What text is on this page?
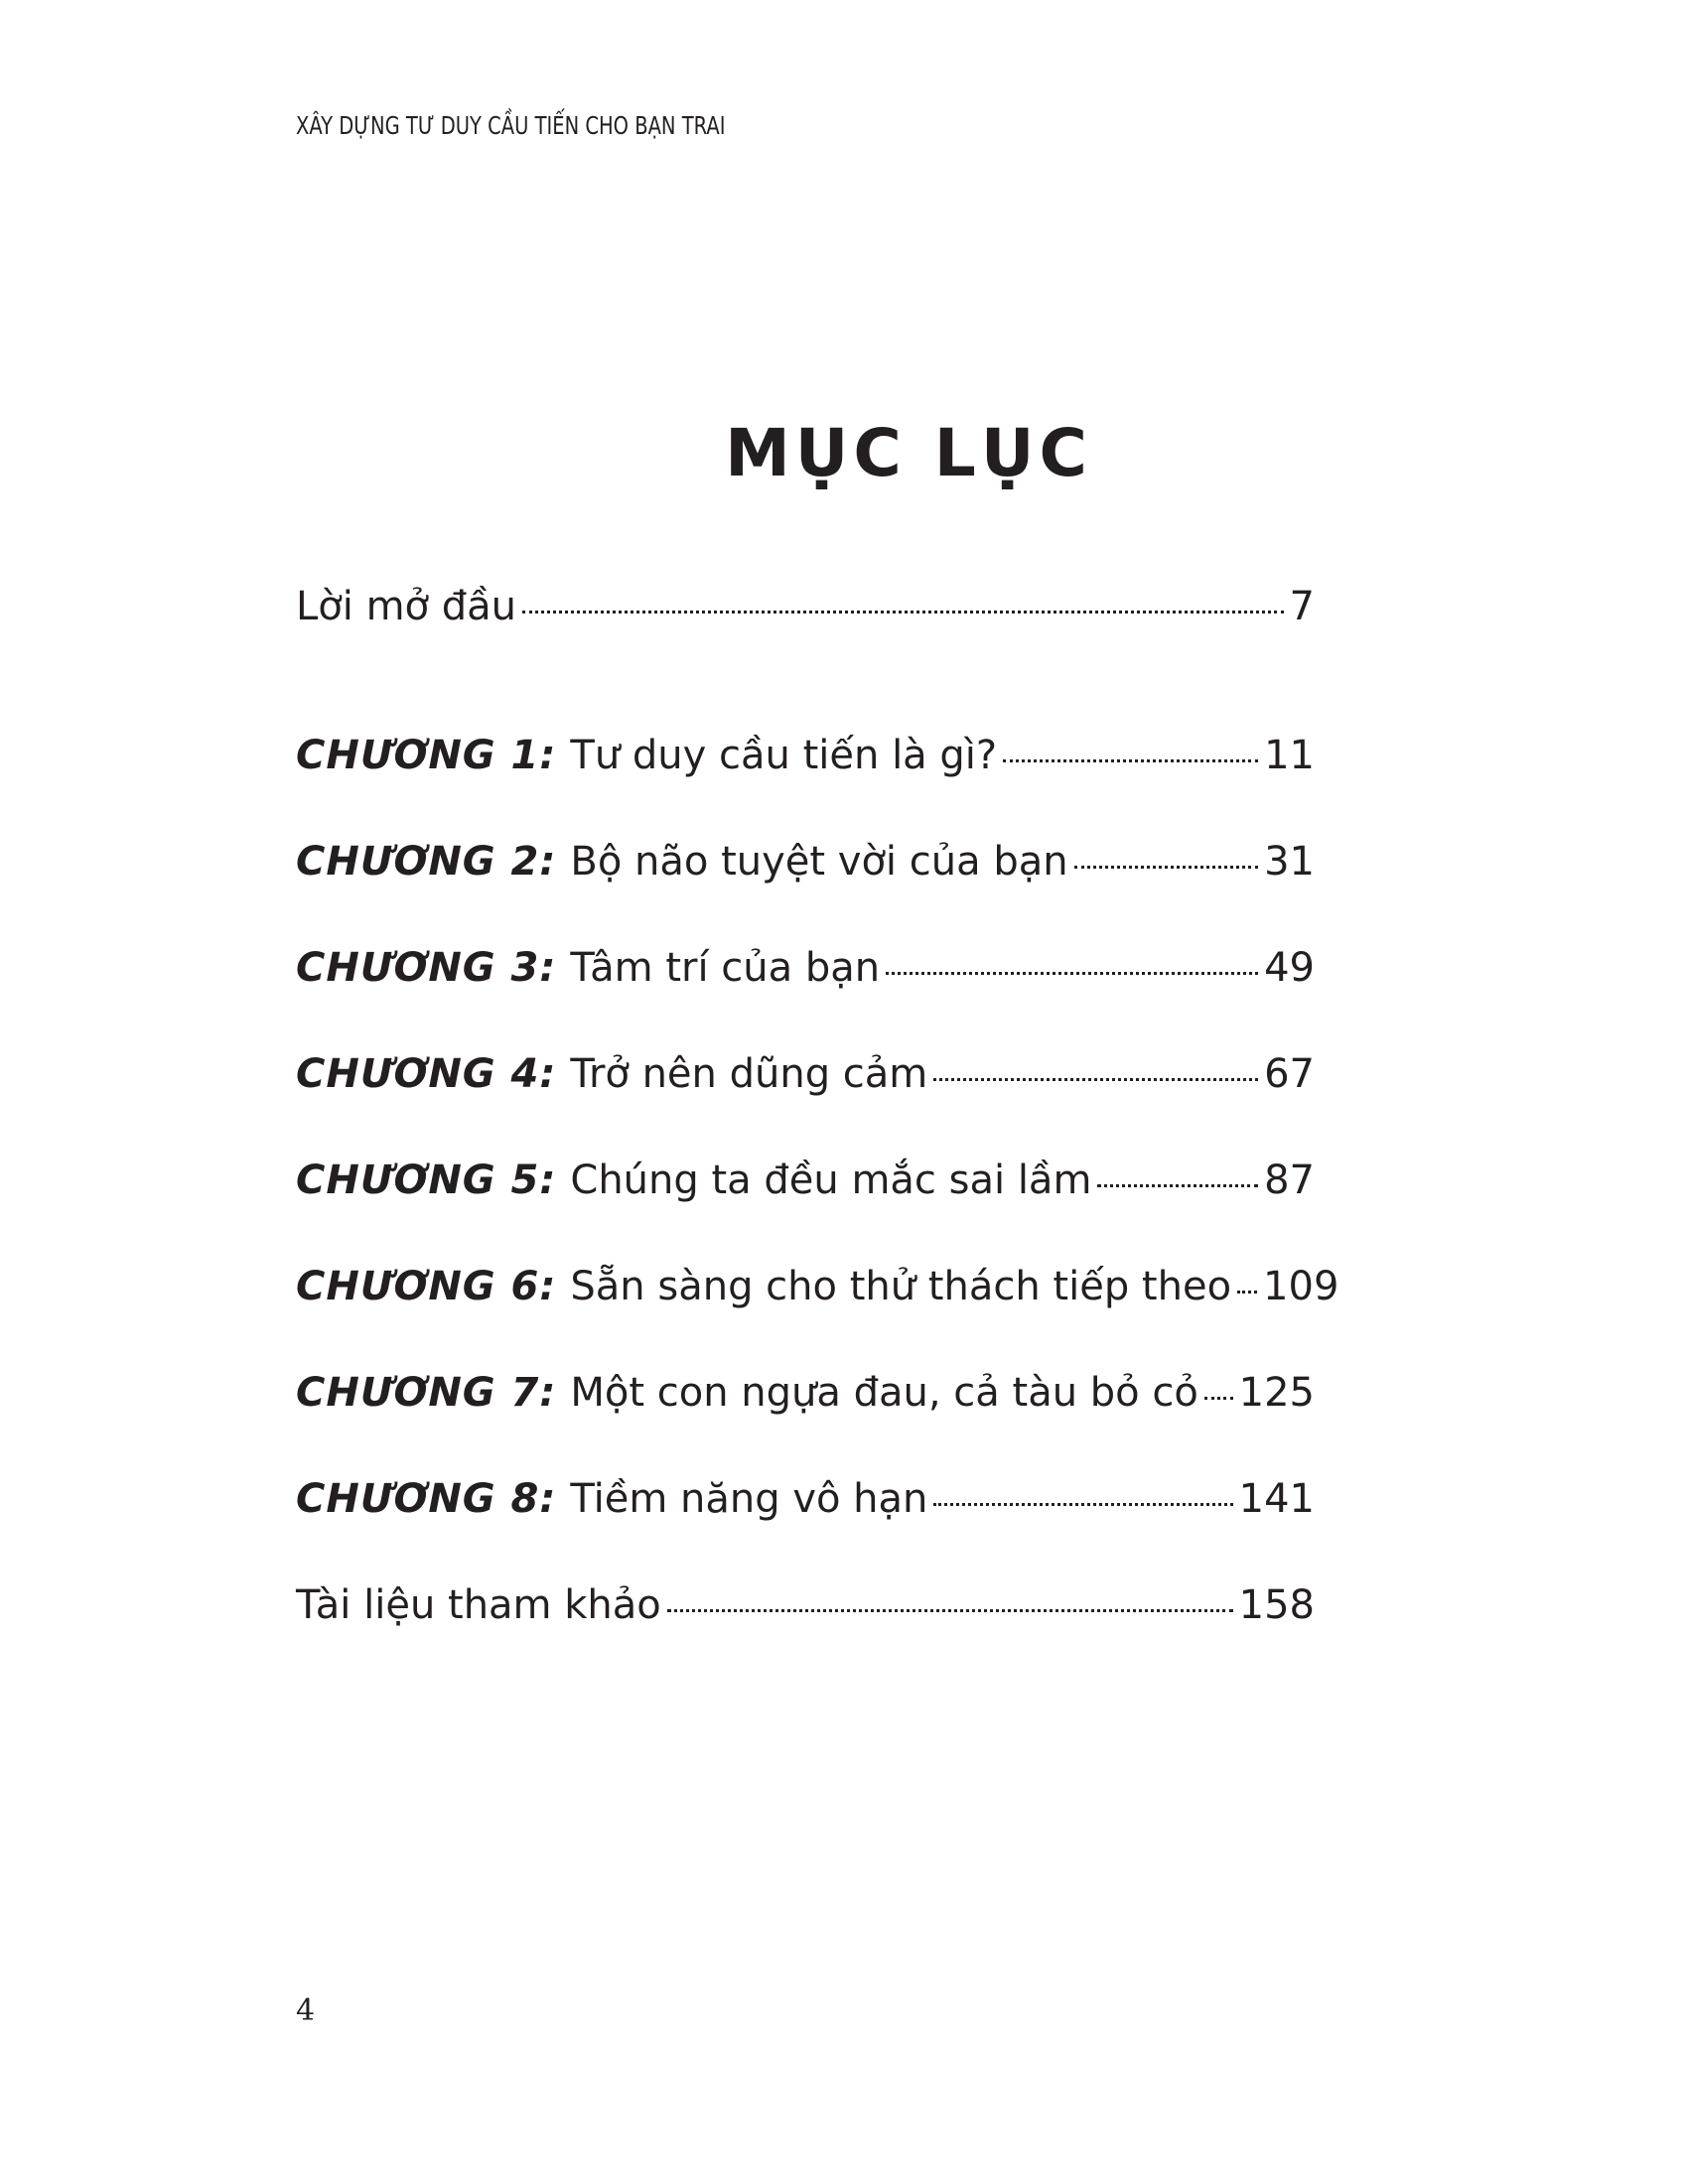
XÂY DỰNG TƯ DUY CẦU TIẾN CHO BẠN TRAI
MỤC LỤC
Lời mở đầu	7
CHƯƠNG 1: Tư duy cầu tiến là gì?	11
CHƯƠNG 2: Bộ não tuyệt vời của bạn	31
CHƯƠNG 3: Tâm trí của bạn	49
CHƯƠNG 4: Trở nên dũng cảm	67
CHƯƠNG 5: Chúng ta đều mắc sai lầm	87
CHƯƠNG 6: Sẵn sàng cho thử thách tiếp theo 109
CHƯƠNG 7: Một con ngựa đau, cả tàu bỏ cỏ 125
CHƯƠNG 8: Tiềm năng vô hạn	141
Tài liệu tham khảo	158
4
